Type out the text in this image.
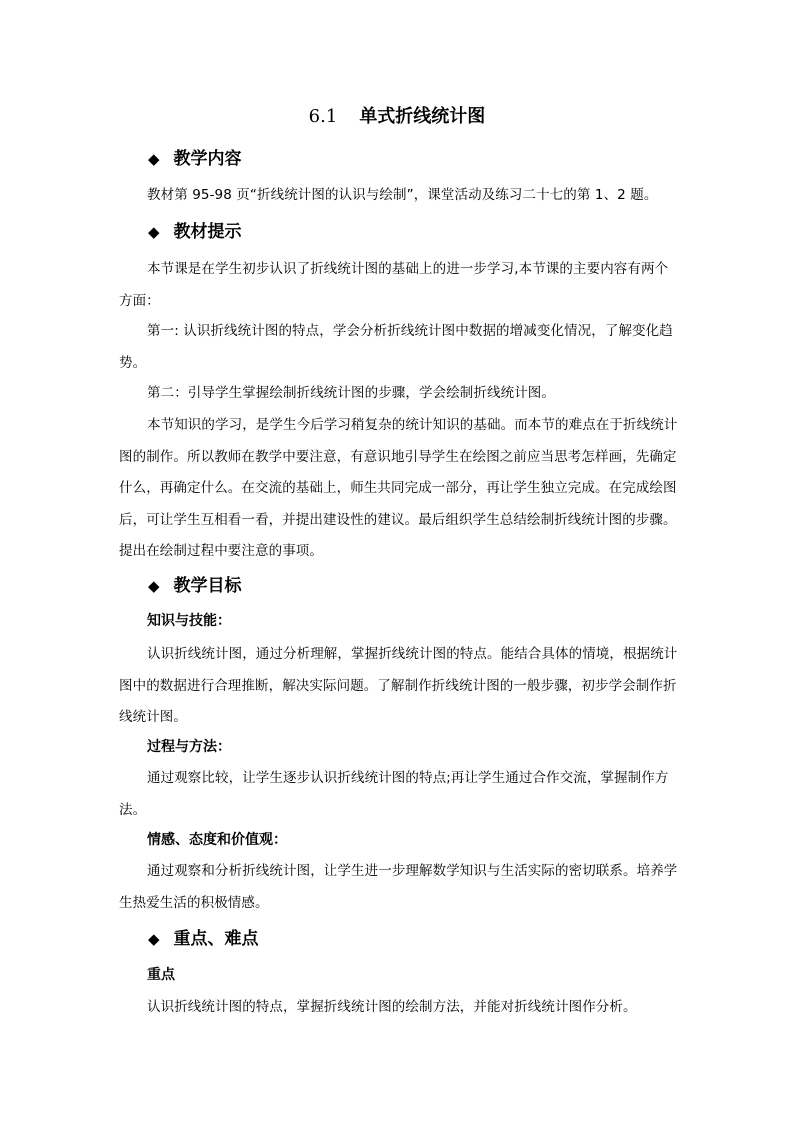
6.1 单式折线统计图
◆ 教学内容
教材第 95-98 页“折线统计图的认识与绘制”，课堂活动及练习二十七的第 1、2 题。
◆ 教材提示
本节课是在学生初步认识了折线统计图的基础上的进一步学习,本节课的主要内容有两个方面：
第一: 认识折线统计图的特点，学会分析折线统计图中数据的增减变化情况，了解变化趋势。
第二：引导学生掌握绘制折线统计图的步骤，学会绘制折线统计图。
本节知识的学习，是学生今后学习稍复杂的统计知识的基础。而本节的难点在于折线统计图的制作。所以教师在教学中要注意，有意识地引导学生在绘图之前应当思考怎样画，先确定什么，再确定什么。在交流的基础上，师生共同完成一部分，再让学生独立完成。在完成绘图后，可让学生互相看一看，并提出建设性的建议。最后组织学生总结绘制折线统计图的步骤。提出在绘制过程中要注意的事项。
◆ 教学目标
知识与技能：
认识折线统计图，通过分析理解，掌握折线统计图的特点。能结合具体的情境，根据统计图中的数据进行合理推断，解决实际问题。了解制作折线统计图的一般步骤，初步学会制作折线统计图。
过程与方法：
通过观察比较，让学生逐步认识折线统计图的特点;再让学生通过合作交流，掌握制作方法。
情感、态度和价值观：
通过观察和分析折线统计图，让学生进一步理解数学知识与生活实际的密切联系。培养学生热爱生活的积极情感。
◆ 重点、难点
重点
认识折线统计图的特点，掌握折线统计图的绘制方法，并能对折线统计图作分析。
